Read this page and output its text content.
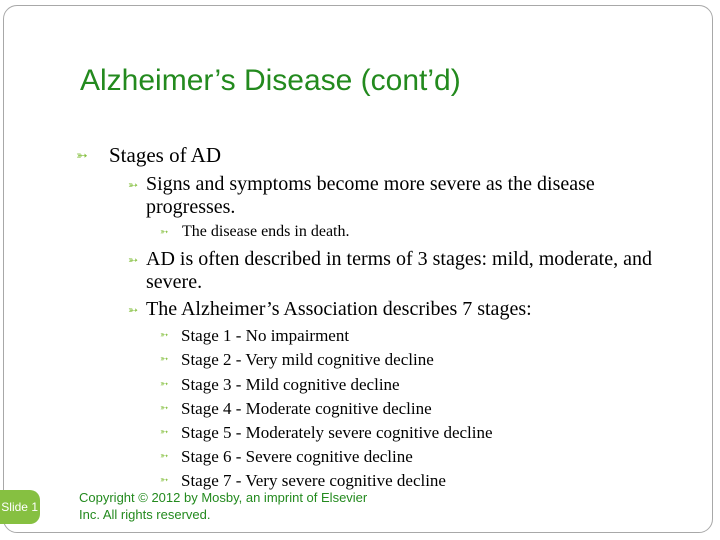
Alzheimer’s Disease (cont’d)
➳ Stages of AD
➳ Signs and symptoms become more severe as the disease progresses.
➳ The disease ends in death.
➳ AD is often described in terms of 3 stages: mild, moderate, and severe.
➳ The Alzheimer’s Association describes 7 stages:
➳ Stage 1 - No impairment
➳ Stage 2 - Very mild cognitive decline
➳ Stage 3 - Mild cognitive decline
➳ Stage 4 - Moderate cognitive decline
➳ Stage 5 - Moderately severe cognitive decline
➳ Stage 6 - Severe cognitive decline
➳ Stage 7 - Very severe cognitive decline
Slide 1
Copyright © 2012 by Mosby, an imprint of Elsevier Inc. All rights reserved.
